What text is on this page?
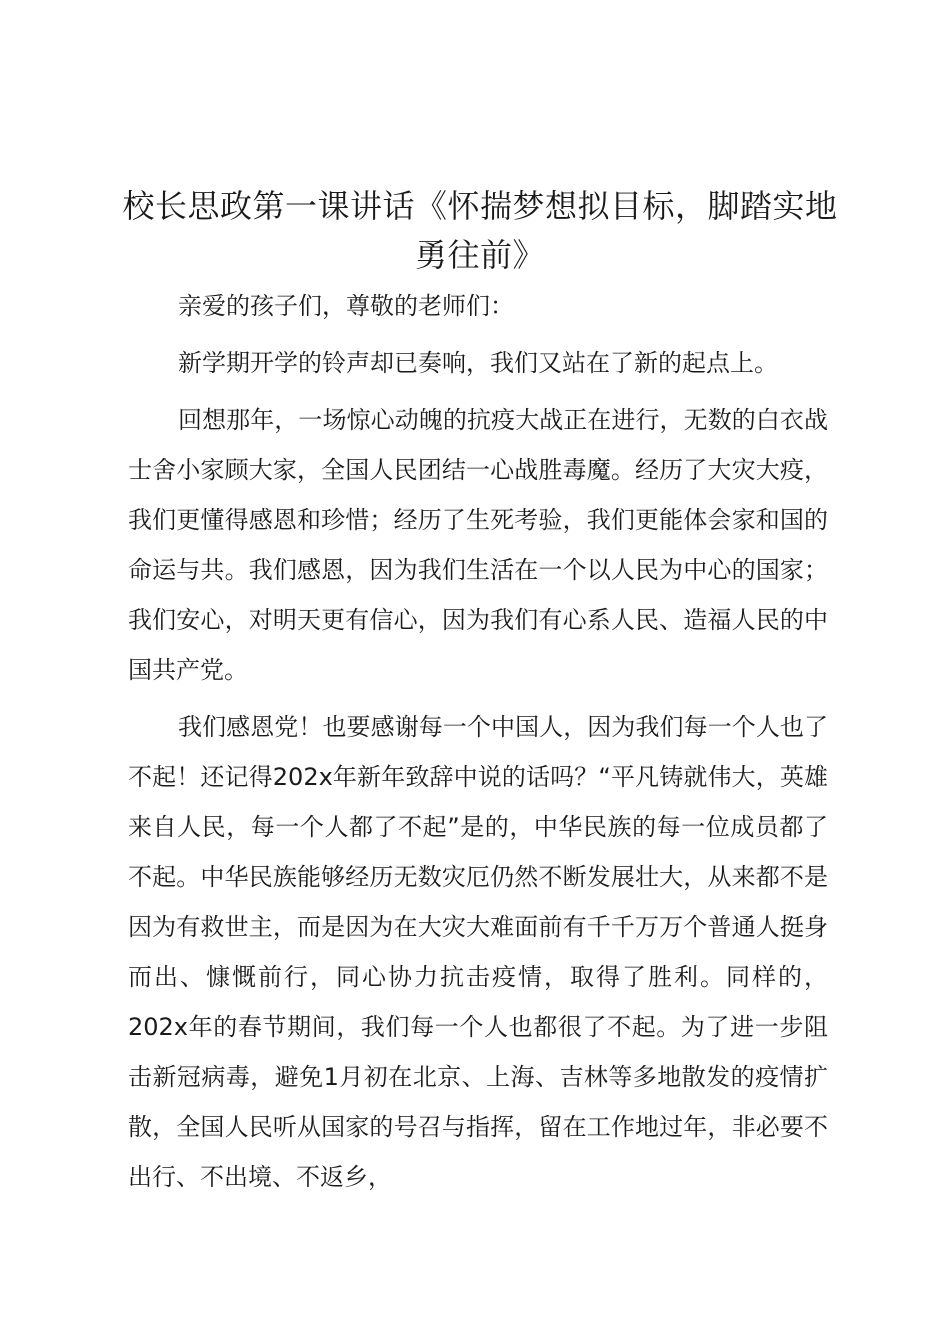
校长思政第一课讲话《怀揣梦想拟目标，脚踏实地勇往前》

亲爱的孩子们，尊敬的老师们：

新学期开学的铃声却已奏响，我们又站在了新的起点上。

回想那年，一场惊心动魄的抗疫大战正在进行，无数的白衣战士舍小家顾大家，全国人民团结一心战胜毒魔。经历了大灾大疫，我们更懂得感恩和珍惜；经历了生死考验，我们更能体会家和国的命运与共。我们感恩，因为我们生活在一个以人民为中心的国家；我们安心，对明天更有信心，因为我们有心系人民、造福人民的中国共产党。

我们感恩党！也要感谢每一个中国人，因为我们每一个人也了不起！还记得202x年新年致辞中说的话吗？“平凡铸就伟大，英雄来自人民，每一个人都了不起”是的，中华民族的每一位成员都了不起。中华民族能够经历无数灾厄仍然不断发展壮大，从来都不是因为有救世主，而是因为在大灾大难面前有千千万万个普通人挺身而出、慷慨前行，同心协力抗击疫情，取得了胜利。同样的，202x年的春节期间，我们每一个人也都很了不起。为了进一步阻击新冠病毒，避免1月初在北京、上海、吉林等多地散发的疫情扩散，全国人民听从国家的号召与指挥，留在工作地过年，非必要不出行、不出境、不返乡，
